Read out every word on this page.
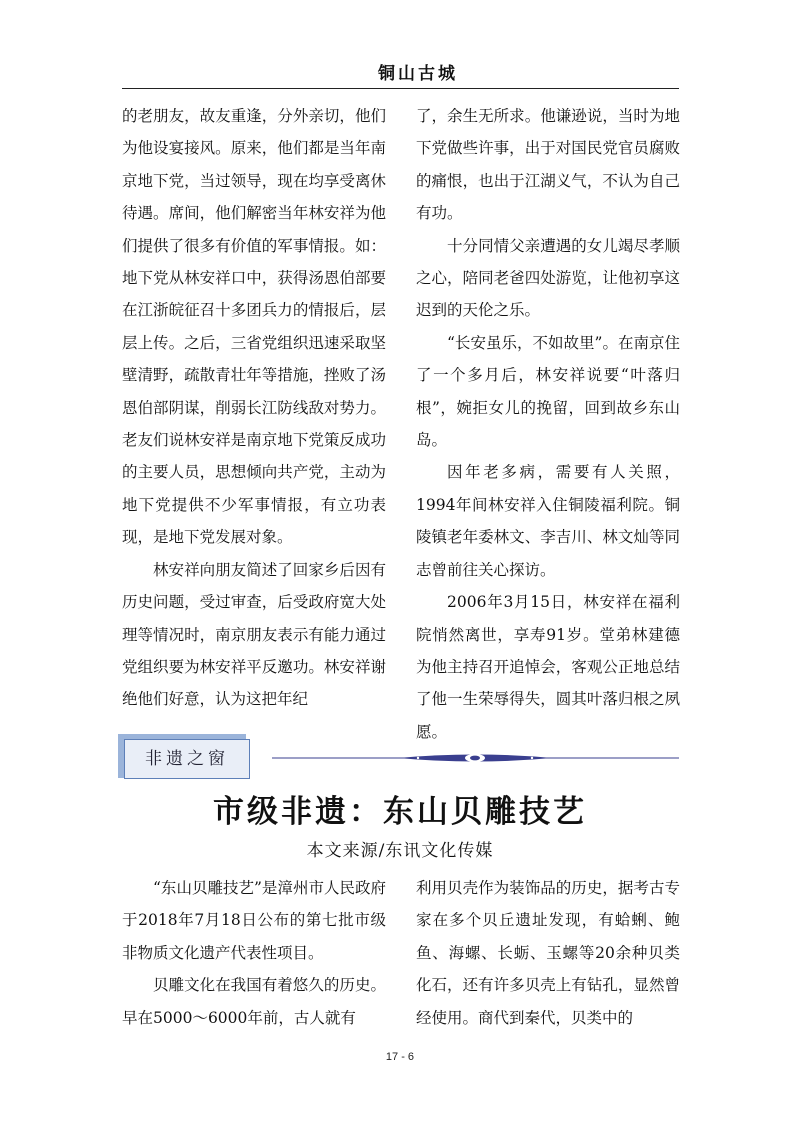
铜山古城

的老朋友，故友重逢，分外亲切，他们为他设宴接风。原来，他们都是当年南京地下党，当过领导，现在均享受离休待遇。席间，他们解密当年林安祥为他们提供了很多有价值的军事情报。如：地下党从林安祥口中，获得汤恩伯部要在江浙皖征召十多团兵力的情报后，层层上传。之后，三省党组织迅速采取坚壁清野，疏散青壮年等措施，挫败了汤恩伯部阴谋，削弱长江防线敌对势力。老友们说林安祥是南京地下党策反成功的主要人员，思想倾向共产党，主动为地下党提供不少军事情报，有立功表现，是地下党发展对象。

林安祥向朋友简述了回家乡后因有历史问题，受过审查，后受政府宽大处理等情况时，南京朋友表示有能力通过党组织要为林安祥平反邀功。林安祥谢绝他们好意，认为这把年纪

了，余生无所求。他谦逊说，当时为地下党做些许事，出于对国民党官员腐败的痛恨，也出于江湖义气，不认为自己有功。

十分同情父亲遭遇的女儿竭尽孝顺之心，陪同老爸四处游览，让他初享这迟到的天伦之乐。

“长安虽乐，不如故里”。在南京住了一个多月后，林安祥说要“叶落归根”，婉拒女儿的挽留，回到故乡东山岛。

因年老多病，需要有人关照，1994年间林安祥入住铜陵福利院。铜陵镇老年委林文、李吉川、林文灿等同志曾前往关心探访。

2006年3月15日，林安祥在福利院悄然离世，享寿91岁。堂弟林建德为他主持召开追悼会，客观公正地总结了他一生荣辱得失，圆其叶落归根之夙愿。

非遗之窗
市级非遗：东山贝雕技艺
本文来源/东讯文化传媒

“东山贝雕技艺”是漳州市人民政府于2018年7月18日公布的第七批市级非物质文化遗产代表性项目。

贝雕文化在我国有着悠久的历史。早在5000～6000年前，古人就有

利用贝壳作为装饰品的历史，据考古专家在多个贝丘遗址发现，有蛤蜊、鲍鱼、海螺、长蛎、玉螺等20余种贝类化石，还有许多贝壳上有钻孔，显然曾经使用。商代到秦代，贝类中的

17 - 6
